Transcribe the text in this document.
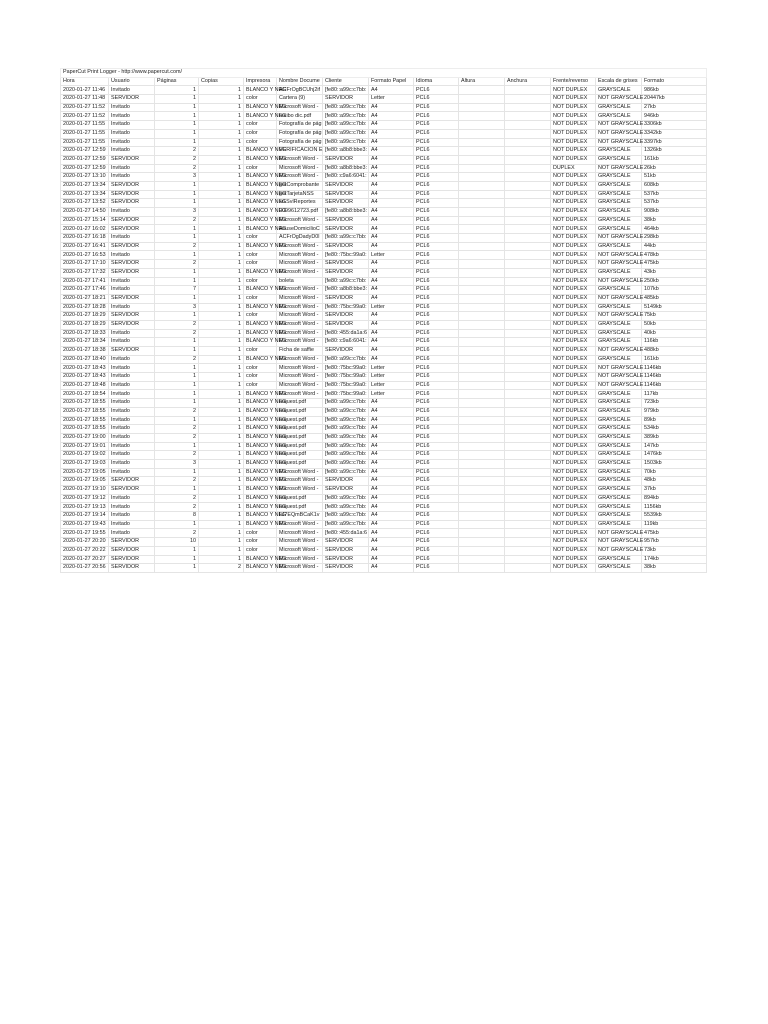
PaperCut Print Logger - http://www.papercut.com/													
Hora	Usuario	Páginas	Copias	Impresora	Nombre Docume	Cliente	Formato Papel	Idioma	Altura	Anchura	Frente/reverso	Escala de grises	Formato
2020-01-27 11:46	Invitado	1	1	BLANCO Y NEG	ACFrOgBCUhj2if	[fe80::a99c:c7bb:	A4	PCL6			NOT DUPLEX	GRAYSCALE	986kb
2020-01-27 11:48	SERVIDOR	1	1	color	Cartera (9)	SERVIDOR	Letter	PCL6			NOT DUPLEX	NOT GRAYSCALE	20447kb
2020-01-27 11:52	Invitado	1	1	BLANCO Y NEG	Microsoft Word -	[fe80::a99c:c7bb:	A4	PCL6			NOT DUPLEX	GRAYSCALE	27kb
2020-01-27 11:52	Invitado	1	1	BLANCO Y NEG	recibo dic.pdf	[fe80::a99c:c7bb:	A4	PCL6			NOT DUPLEX	GRAYSCALE	946kb
2020-01-27 11:55	Invitado	1	1	color	Fotografía de pág	[fe80::a99c:c7bb:	A4	PCL6			NOT DUPLEX	NOT GRAYSCALE	3306kb
2020-01-27 11:55	Invitado	1	1	color	Fotografía de pág	[fe80::a99c:c7bb:	A4	PCL6			NOT DUPLEX	NOT GRAYSCALE	3342kb
2020-01-27 11:55	Invitado	1	1	color	Fotografía de pág	[fe80::a99c:c7bb:	A4	PCL6			NOT DUPLEX	NOT GRAYSCALE	3397kb
2020-01-27 12:59	Invitado	2	1	BLANCO Y NEG	VERIFICACION E	[fe80::a8b8:bbe3:	A4	PCL6			NOT DUPLEX	GRAYSCALE	1326kb
2020-01-27 12:59	SERVIDOR	2	1	BLANCO Y NEG	Microsoft Word -	SERVIDOR	A4	PCL6			NOT DUPLEX	GRAYSCALE	161kb
2020-01-27 12:59	Invitado	2	1	color	Microsoft Word -	[fe80::a8b8:bbe3:	A4	PCL6			DUPLEX	NOT GRAYSCALE	26kb
2020-01-27 13:10	Invitado	3	1	BLANCO Y NEG	Microsoft Word -	[fe80::c9a6:6041:	A4	PCL6			NOT DUPLEX	GRAYSCALE	51kb
2020-01-27 13:34	SERVIDOR	1	1	BLANCO Y NEG	getComprobante	SERVIDOR	A4	PCL6			NOT DUPLEX	GRAYSCALE	608kb
2020-01-27 13:34	SERVIDOR	1	1	BLANCO Y NEG	getTarjetaNSS	SERVIDOR	A4	PCL6			NOT DUPLEX	GRAYSCALE	537kb
2020-01-27 13:52	SERVIDOR	1	1	BLANCO Y NEG	srl.SvlReportes	SERVIDOR	A4	PCL6			NOT DUPLEX	GRAYSCALE	537kb
2020-01-27 14:50	Invitado	3	1	BLANCO Y NEG	0099612723.pdf	[fe80::a8b8:bbe3:	A4	PCL6			NOT DUPLEX	GRAYSCALE	908kb
2020-01-27 15:14	SERVIDOR	2	1	BLANCO Y NEG	Microsoft Word -	SERVIDOR	A4	PCL6			NOT DUPLEX	GRAYSCALE	38kb
2020-01-27 16:02	SERVIDOR	1	1	BLANCO Y NEG	AcuseDomicilioC	SERVIDOR	A4	PCL6			NOT DUPLEX	GRAYSCALE	464kb
2020-01-27 16:18	Invitado	1	1	color	ACFrOgDadyD0l	[fe80::a99c:c7bb:	A4	PCL6			NOT DUPLEX	NOT GRAYSCALE	298kb
2020-01-27 16:41	SERVIDOR	2	1	BLANCO Y NEG	Microsoft Word -	SERVIDOR	A4	PCL6			NOT DUPLEX	GRAYSCALE	44kb
2020-01-27 16:53	Invitado	1	1	color	Microsoft Word -	[fe80::75bc:99a0:	Letter	PCL6			NOT DUPLEX	NOT GRAYSCALE	478kb
2020-01-27 17:10	SERVIDOR	2	1	color	Microsoft Word -	SERVIDOR	A4	PCL6			NOT DUPLEX	NOT GRAYSCALE	475kb
2020-01-27 17:32	SERVIDOR	1	1	BLANCO Y NEG	Microsoft Word -	SERVIDOR	A4	PCL6			NOT DUPLEX	GRAYSCALE	43kb
2020-01-27 17:41	Invitado	1	1	color	boleta	[fe80::a99c:c7bb:	A4	PCL6			NOT DUPLEX	NOT GRAYSCALE	250kb
2020-01-27 17:46	Invitado	7	1	BLANCO Y NEG	Microsoft Word -	[fe80::a8b8:bbe3:	A4	PCL6			NOT DUPLEX	GRAYSCALE	107kb
2020-01-27 18:21	SERVIDOR	1	1	color	Microsoft Word -	SERVIDOR	A4	PCL6			NOT DUPLEX	NOT GRAYSCALE	485kb
2020-01-27 18:28	Invitado	3	1	BLANCO Y NEG	Microsoft Word -	[fe80::75bc:99a0:	Letter	PCL6			NOT DUPLEX	GRAYSCALE	5149kb
2020-01-27 18:29	SERVIDOR	1	1	color	Microsoft Word -	SERVIDOR	A4	PCL6			NOT DUPLEX	NOT GRAYSCALE	75kb
2020-01-27 18:29	SERVIDOR	2	1	BLANCO Y NEG	Microsoft Word -	SERVIDOR	A4	PCL6			NOT DUPLEX	GRAYSCALE	50kb
2020-01-27 18:33	Invitado	2	1	BLANCO Y NEG	Microsoft Word -	[fe80::455:da1a:6	A4	PCL6			NOT DUPLEX	GRAYSCALE	40kb
2020-01-27 18:34	Invitado	1	1	BLANCO Y NEG	Microsoft Word -	[fe80::c9a6:6041:	A4	PCL6			NOT DUPLEX	GRAYSCALE	116kb
2020-01-27 18:38	SERVIDOR	1	1	color	Ficha de saffie	SERVIDOR	A4	PCL6			NOT DUPLEX	NOT GRAYSCALE	488kb
2020-01-27 18:40	Invitado	2	1	BLANCO Y NEG	Microsoft Word -	[fe80::a99c:c7bb:	A4	PCL6			NOT DUPLEX	GRAYSCALE	161kb
2020-01-27 18:43	Invitado	1	1	color	Microsoft Word -	[fe80::75bc:99a0:	Letter	PCL6			NOT DUPLEX	NOT GRAYSCALE	1146kb
2020-01-27 18:43	Invitado	1	1	color	Microsoft Word -	[fe80::75bc:99a0:	Letter	PCL6			NOT DUPLEX	NOT GRAYSCALE	1146kb
2020-01-27 18:48	Invitado	1	1	color	Microsoft Word -	[fe80::75bc:99a0:	Letter	PCL6			NOT DUPLEX	NOT GRAYSCALE	1146kb
2020-01-27 18:54	Invitado	1	1	BLANCO Y NEG	Microsoft Word -	[fe80::75bc:99a0:	Letter	PCL6			NOT DUPLEX	GRAYSCALE	117kb
2020-01-27 18:55	Invitado	1	1	BLANCO Y NEG	request.pdf	[fe80::a99c:c7bb:	A4	PCL6			NOT DUPLEX	GRAYSCALE	723kb
2020-01-27 18:55	Invitado	2	1	BLANCO Y NEG	request.pdf	[fe80::a99c:c7bb:	A4	PCL6			NOT DUPLEX	GRAYSCALE	979kb
2020-01-27 18:55	Invitado	1	1	BLANCO Y NEG	request.pdf	[fe80::a99c:c7bb:	A4	PCL6			NOT DUPLEX	GRAYSCALE	89kb
2020-01-27 18:55	Invitado	2	1	BLANCO Y NEG	request.pdf	[fe80::a99c:c7bb:	A4	PCL6			NOT DUPLEX	GRAYSCALE	534kb
2020-01-27 19:00	Invitado	2	1	BLANCO Y NEG	request.pdf	[fe80::a99c:c7bb:	A4	PCL6			NOT DUPLEX	GRAYSCALE	389kb
2020-01-27 19:01	Invitado	1	1	BLANCO Y NEG	request.pdf	[fe80::a99c:c7bb:	A4	PCL6			NOT DUPLEX	GRAYSCALE	147kb
2020-01-27 19:02	Invitado	2	1	BLANCO Y NEG	request.pdf	[fe80::a99c:c7bb:	A4	PCL6			NOT DUPLEX	GRAYSCALE	1476kb
2020-01-27 19:03	Invitado	3	1	BLANCO Y NEG	request.pdf	[fe80::a99c:c7bb:	A4	PCL6			NOT DUPLEX	GRAYSCALE	1503kb
2020-01-27 19:05	Invitado	1	1	BLANCO Y NEG	Microsoft Word -	[fe80::a99c:c7bb:	A4	PCL6			NOT DUPLEX	GRAYSCALE	70kb
2020-01-27 19:05	SERVIDOR	2	1	BLANCO Y NEG	Microsoft Word -	SERVIDOR	A4	PCL6			NOT DUPLEX	GRAYSCALE	48kb
2020-01-27 19:10	SERVIDOR	1	1	BLANCO Y NEG	Microsoft Word -	SERVIDOR	A4	PCL6			NOT DUPLEX	GRAYSCALE	37kb
2020-01-27 19:12	Invitado	2	1	BLANCO Y NEG	request.pdf	[fe80::a99c:c7bb:	A4	PCL6			NOT DUPLEX	GRAYSCALE	894kb
2020-01-27 19:13	Invitado	2	1	BLANCO Y NEG	request.pdf	[fe80::a99c:c7bb:	A4	PCL6			NOT DUPLEX	GRAYSCALE	1156kb
2020-01-27 19:14	Invitado	8	1	BLANCO Y NEG	IiJ7EQmBCaK1v	[fe80::a99c:c7bb:	A4	PCL6			NOT DUPLEX	GRAYSCALE	5539kb
2020-01-27 19:43	Invitado	1	1	BLANCO Y NEG	Microsoft Word -	[fe80::a99c:c7bb:	A4	PCL6			NOT DUPLEX	GRAYSCALE	119kb
2020-01-27 19:55	Invitado	2	1	color	Microsoft Word -	[fe80::455:da1a:6	A4	PCL6			NOT DUPLEX	NOT GRAYSCALE	475kb
2020-01-27 20:20	SERVIDOR	10	1	color	Microsoft Word -	SERVIDOR	A4	PCL6			NOT DUPLEX	NOT GRAYSCALE	957kb
2020-01-27 20:22	SERVIDOR	1	1	color	Microsoft Word -	SERVIDOR	A4	PCL6			NOT DUPLEX	NOT GRAYSCALE	73kb
2020-01-27 20:27	SERVIDOR	1	1	BLANCO Y NEG	Microsoft Word -	SERVIDOR	A4	PCL6			NOT DUPLEX	GRAYSCALE	174kb
2020-01-27 20:56	SERVIDOR	1	2	BLANCO Y NEG	Microsoft Word -	SERVIDOR	A4	PCL6			NOT DUPLEX	GRAYSCALE	38kb
